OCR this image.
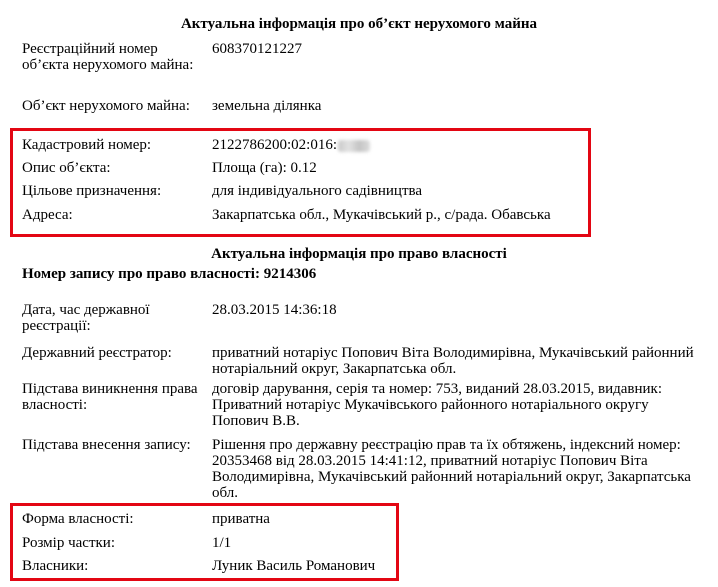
Актуальна інформація про об’єкт нерухомого майна
Реєстраційний номер об’єкта нерухомого майна:
608370121227
Об’єкт нерухомого майна:	земельна ділянка
Кадастровий номер:	2122786200:02:016:
Опис об’єкта:	Площа (га): 0.12
Цільове призначення:	для індивідуального садівництва
Адреса:	Закарпатська обл., Мукачівський р., с/рада. Обавська
Актуальна інформація про право власності
Номер запису про право власності: 9214306
Дата, час державної реєстрації:
28.03.2015 14:36:18
Державний реєстратор:	приватний нотаріус Попович Віта Володимирівна, Мукачівський районний нотаріальний округ, Закарпатська обл.
Підстава виникнення права власності:
договір дарування, серія та номер: 753, виданий 28.03.2015, видавник: Приватний нотаріус Мукачівського районного нотаріального округу Попович В.В.
Підстава внесення запису:	Рішення про державну реєстрацію прав та їх обтяжень, індексний номер: 20353468 від 28.03.2015 14:41:12, приватний нотаріус Попович Віта Володимирівна, Мукачівський районний нотаріальний округ, Закарпатська обл.
Форма власності:	приватна
Розмір частки:	1/1
Власники:	Луник Василь Романович
